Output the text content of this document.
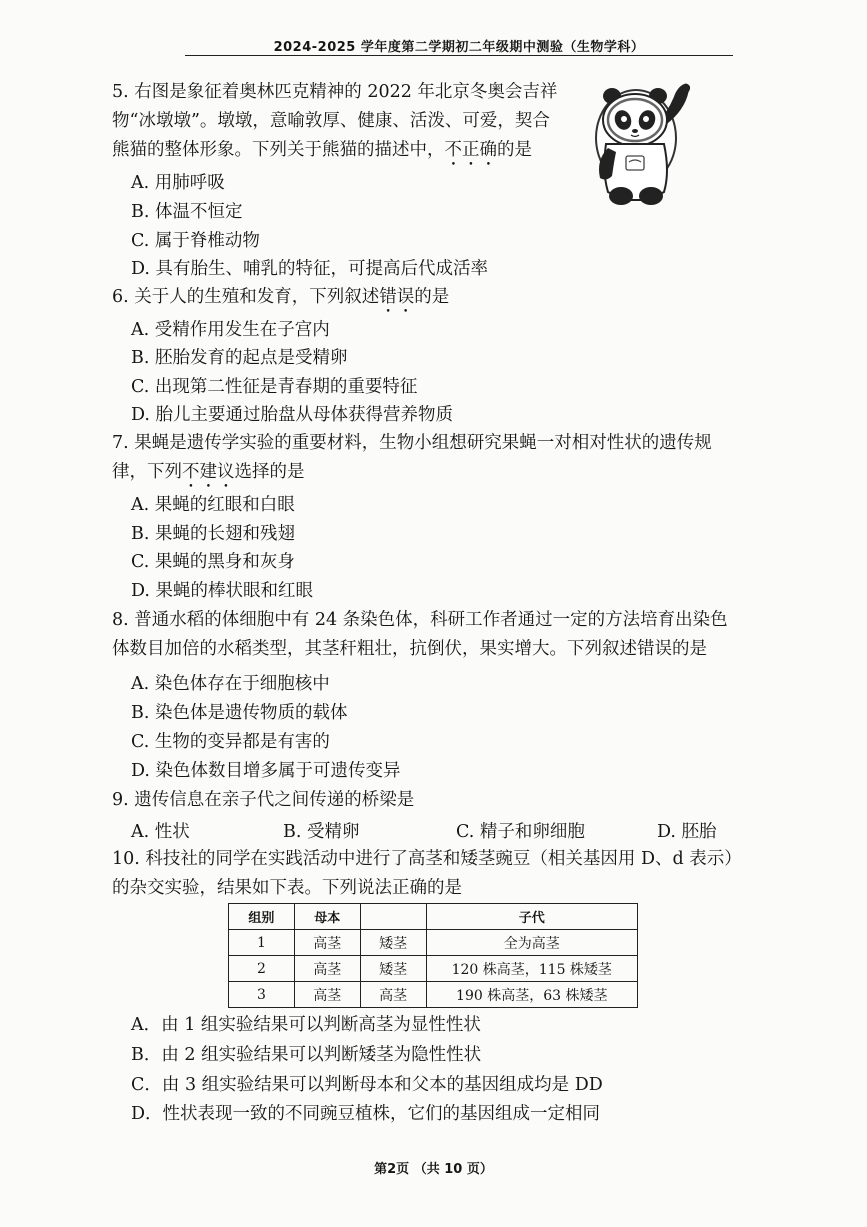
2024-2025 学年度第二学期初二年级期中测验（生物学科）
5. 右图是象征着奥林匹克精神的 2022 年北京冬奥会吉祥
物“冰墩墩”。墩墩，意喻敦厚、健康、活泼、可爱，契合
熊猫的整体形象。下列关于熊猫的描述中，不正确的是
A. 用肺呼吸
B. 体温不恒定
C. 属于脊椎动物
D. 具有胎生、哺乳的特征，可提高后代成活率
6. 关于人的生殖和发育，下列叙述错误的是
A. 受精作用发生在子宫内
B. 胚胎发育的起点是受精卵
C. 出现第二性征是青春期的重要特征
D. 胎儿主要通过胎盘从母体获得营养物质
7. 果蝇是遗传学实验的重要材料，生物小组想研究果蝇一对相对性状的遗传规
律，下列不建议选择的是
A. 果蝇的红眼和白眼
B. 果蝇的长翅和残翅
C. 果蝇的黑身和灰身
D. 果蝇的棒状眼和红眼
8. 普通水稻的体细胞中有 24 条染色体，科研工作者通过一定的方法培育出染色
体数目加倍的水稻类型，其茎秆粗壮，抗倒伏，果实增大。下列叙述错误的是
A. 染色体存在于细胞核中
B. 染色体是遗传物质的载体
C. 生物的变异都是有害的
D. 染色体数目增多属于可遗传变异
9. 遗传信息在亲子代之间传递的桥梁是
A. 性状	B. 受精卵	C. 精子和卵细胞	D. 胚胎
10. 科技社的同学在实践活动中进行了高茎和矮茎豌豆（相关基因用 D、d 表示）
的杂交实验，结果如下表。下列说法正确的是
组别	母本		子代
1	高茎	矮茎	全为高茎
2	高茎	矮茎	120 株高茎，115 株矮茎
3	高茎	高茎	190 株高茎，63 株矮茎
A．由 1 组实验结果可以判断高茎为显性性状
B．由 2 组实验结果可以判断矮茎为隐性性状
C．由 3 组实验结果可以判断母本和父本的基因组成均是 DD
D．性状表现一致的不同豌豆植株，它们的基因组成一定相同
第2页 （共 10 页）
